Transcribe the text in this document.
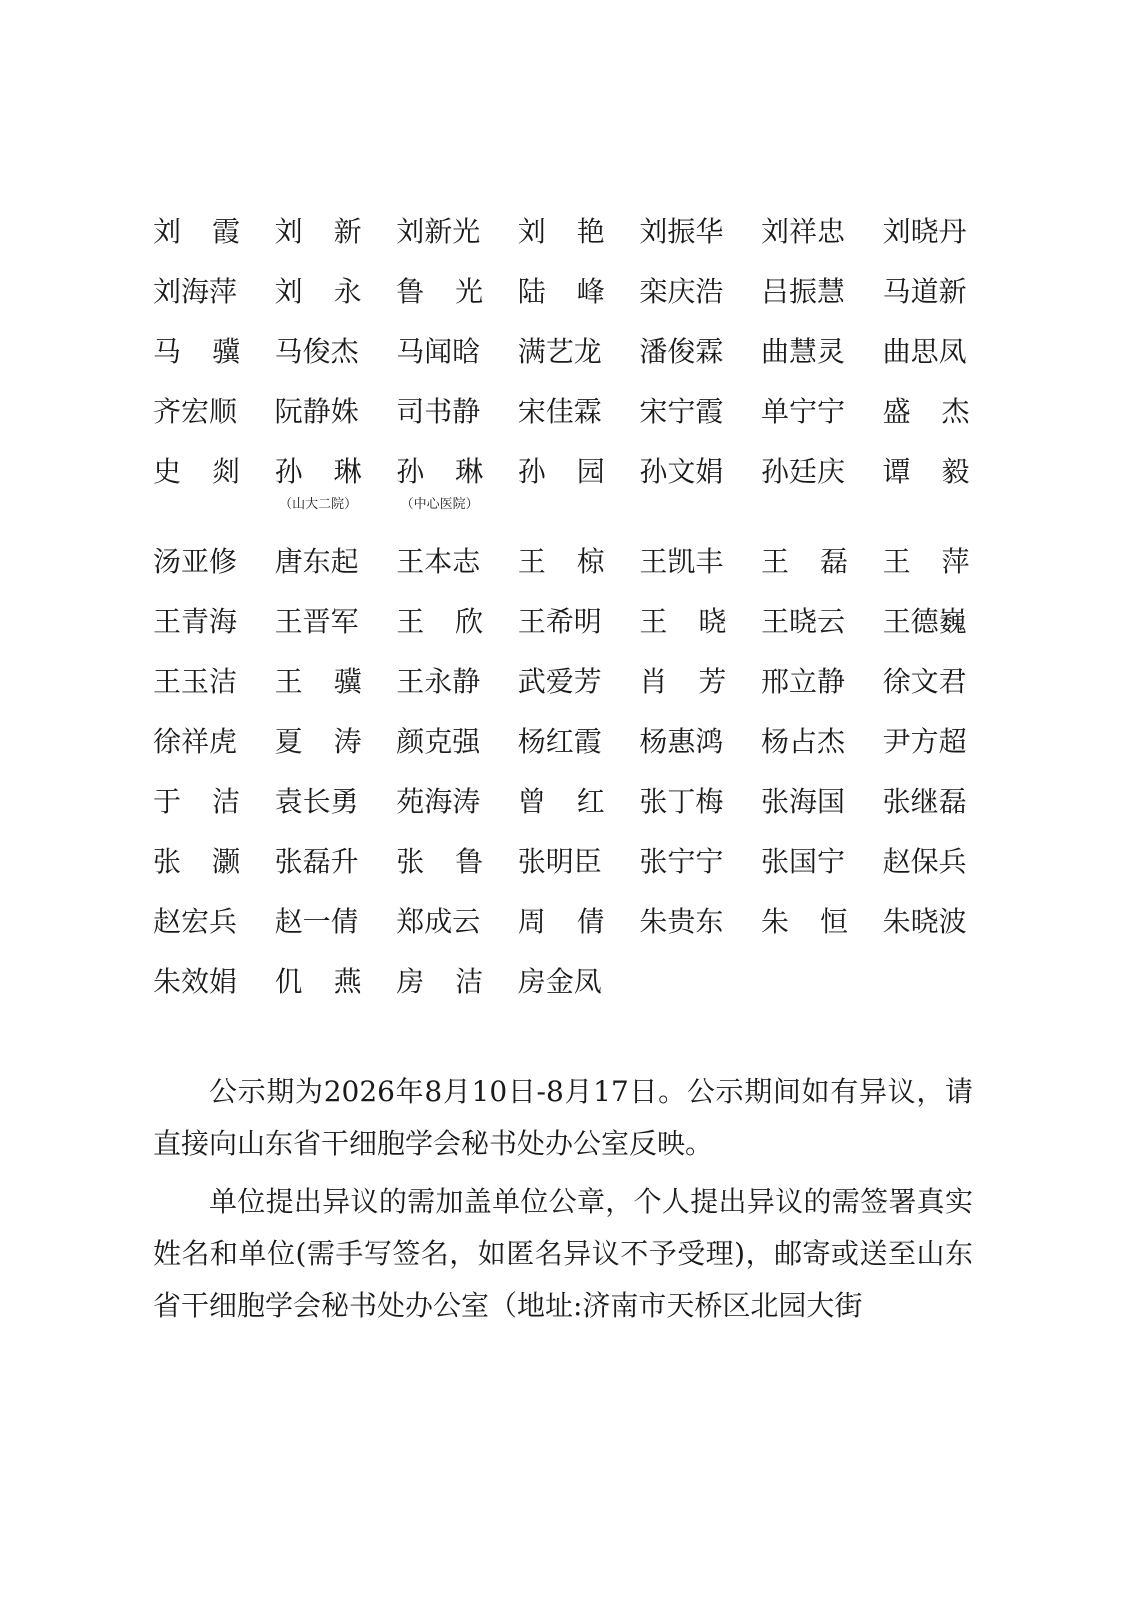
刘 霞 刘 新 刘新光 刘 艳 刘振华 刘祥忠 刘晓丹
刘海萍 刘 永 鲁 光 陆 峰 栾庆浩 吕振慧 马道新
马 骥 马俊杰 马闻晗 满艺龙 潘俊霖 曲慧灵 曲思凤
齐宏顺 阮静姝 司书静 宋佳霖 宋宁霞 单宁宁 盛 杰
史 剡 孙 琳
（山大二院）
孙 琳
（中心医院）
孙 园 孙文娟 孙廷庆 谭 毅
汤亚修 唐东起 王本志 王 椋 王凯丰 王 磊 王 萍
王青海 王晋军 王 欣 王希明 王 晓 王晓云 王德巍
王玉洁 王 骥 王永静 武爱芳 肖 芳 邢立静 徐文君
徐祥虎 夏 涛 颜克强 杨红霞 杨惠鸿 杨占杰 尹方超
于 洁 袁长勇 苑海涛 曾 红 张丁梅 张海国 张继磊
张 灏 张磊升 张 鲁 张明臣 张宁宁 张国宁 赵保兵
赵宏兵 赵一倩 郑成云 周 倩 朱贵东 朱 恒 朱晓波
朱效娟 仉 燕 房 洁 房金凤

公示期为2026年8月10日-8月17日。公示期间如有异议，请直接向山东省干细胞学会秘书处办公室反映。

单位提出异议的需加盖单位公章，个人提出异议的需签署真实姓名和单位(需手写签名，如匿名异议不予受理)，邮寄或送至山东省干细胞学会秘书处办公室（地址:济南市天桥区北园大街
